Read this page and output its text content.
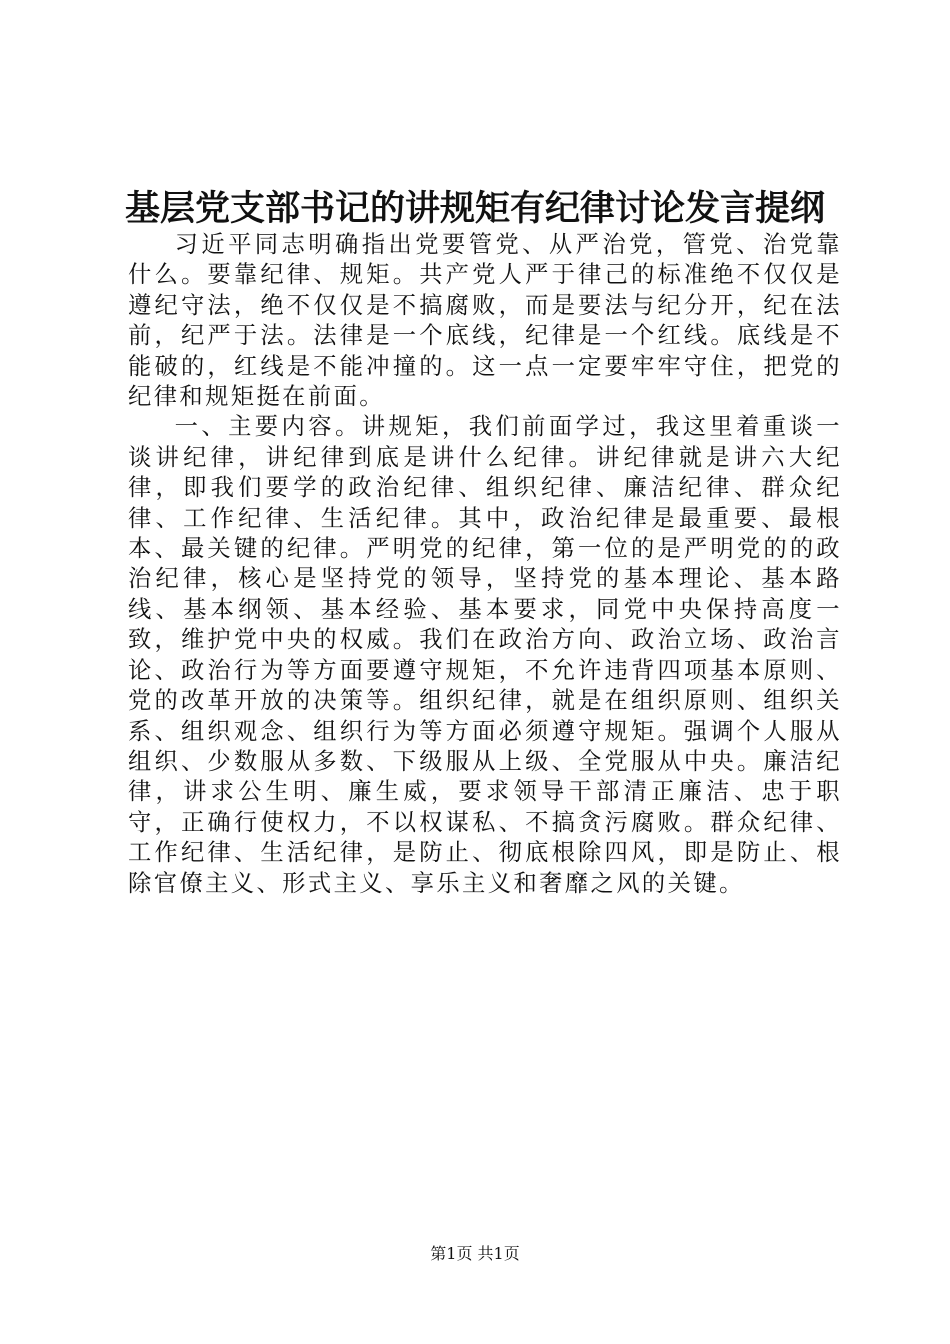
基层党支部书记的讲规矩有纪律讨论发言提纲

习近平同志明确指出党要管党、从严治党，管党、治党靠什么。要靠纪律、规矩。共产党人严于律己的标准绝不仅仅是遵纪守法，绝不仅仅是不搞腐败，而是要法与纪分开，纪在法前，纪严于法。法律是一个底线，纪律是一个红线。底线是不能破的，红线是不能冲撞的。这一点一定要牢牢守住，把党的纪律和规矩挺在前面。

一、主要内容。讲规矩，我们前面学过，我这里着重谈一谈讲纪律，讲纪律到底是讲什么纪律。讲纪律就是讲六大纪律，即我们要学的政治纪律、组织纪律、廉洁纪律、群众纪律、工作纪律、生活纪律。其中，政治纪律是最重要、最根本、最关键的纪律。严明党的纪律，第一位的是严明党的的政治纪律，核心是坚持党的领导，坚持党的基本理论、基本路线、基本纲领、基本经验、基本要求，同党中央保持高度一致，维护党中央的权威。我们在政治方向、政治立场、政治言论、政治行为等方面要遵守规矩，不允许违背四项基本原则、党的改革开放的决策等。组织纪律，就是在组织原则、组织关系、组织观念、组织行为等方面必须遵守规矩。强调个人服从组织、少数服从多数、下级服从上级、全党服从中央。廉洁纪律，讲求公生明、廉生威，要求领导干部清正廉洁、忠于职守，正确行使权力，不以权谋私、不搞贪污腐败。群众纪律、工作纪律、生活纪律，是防止、彻底根除四风，即是防止、根除官僚主义、形式主义、享乐主义和奢靡之风的关键。

第1页 共1页
